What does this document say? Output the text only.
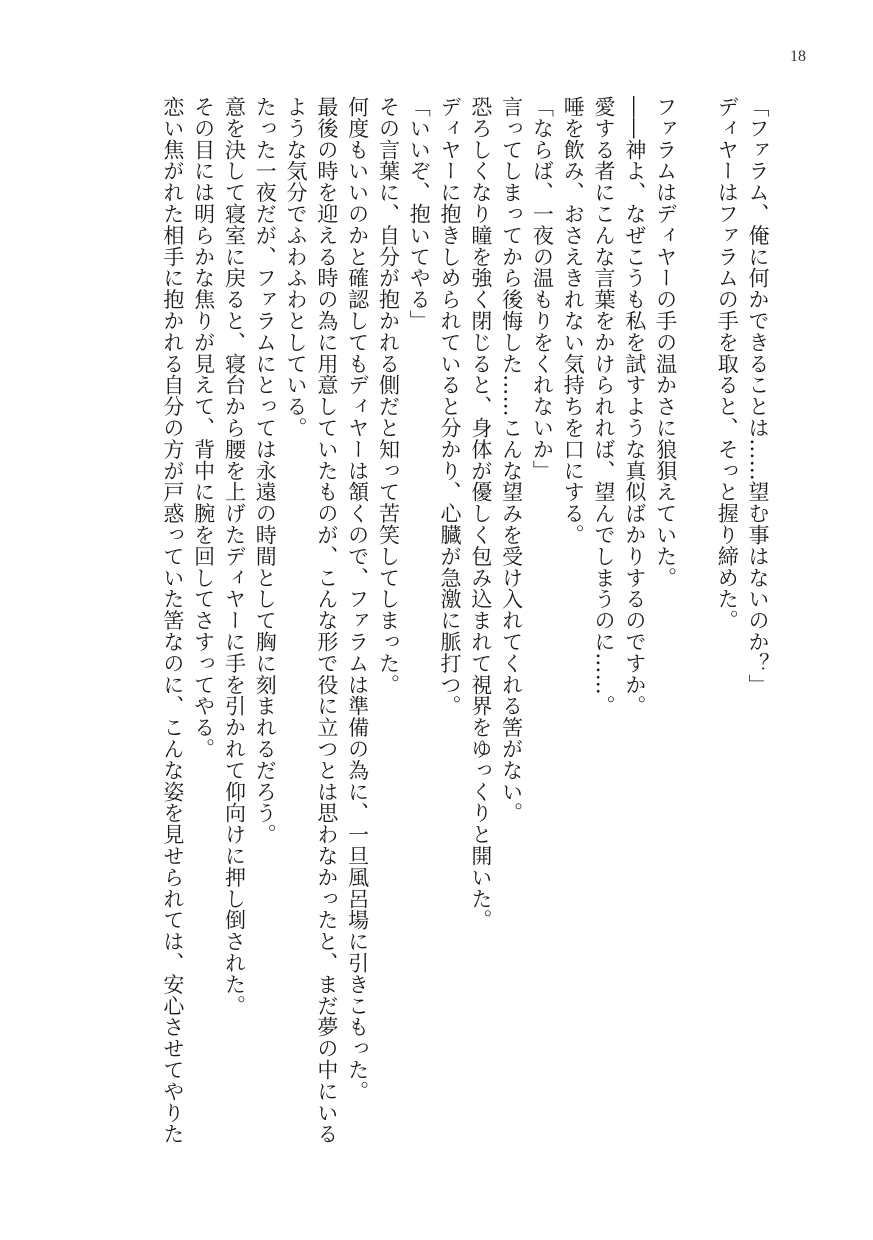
18
「ファラム、俺に何かできることは……望む事はないのか？」
ディヤーはファラムの手を取ると、そっと握り締めた。

ファラムはディヤーの手の温かさに狼狽えていた。
――神よ、なぜこうも私を試すような真似ばかりするのですか。
愛する者にこんな言葉をかけられれば、望んでしまうのに……。
唾を飲み、おさえきれない気持ちを口にする。
「ならば、一夜の温もりをくれないか」
言ってしまってから後悔した……こんな望みを受け入れてくれる筈がない。
恐ろしくなり瞳を強く閉じると、身体が優しく包み込まれて視界をゆっくりと開いた。
ディヤーに抱きしめられていると分かり、心臓が急激に脈打つ。
「いいぞ、抱いてやる」
その言葉に、自分が抱かれる側だと知って苦笑してしまった。
何度もいいのかと確認してもディヤーは頷くので、ファラムは準備の為に、一旦風呂場に引きこもった。
最後の時を迎える時の為に用意していたものが、こんな形で役に立つとは思わなかったと、まだ夢の中にいる
ような気分でふわふわとしている。
たった一夜だが、ファラムにとっては永遠の時間として胸に刻まれるだろう。
意を決して寝室に戻ると、寝台から腰を上げたディヤーに手を引かれて仰向けに押し倒された。
その目には明らかな焦りが見えて、背中に腕を回してさすってやる。
恋い焦がれた相手に抱かれる自分の方が戸惑っていた筈なのに、こんな姿を見せられては、安心させてやりた
